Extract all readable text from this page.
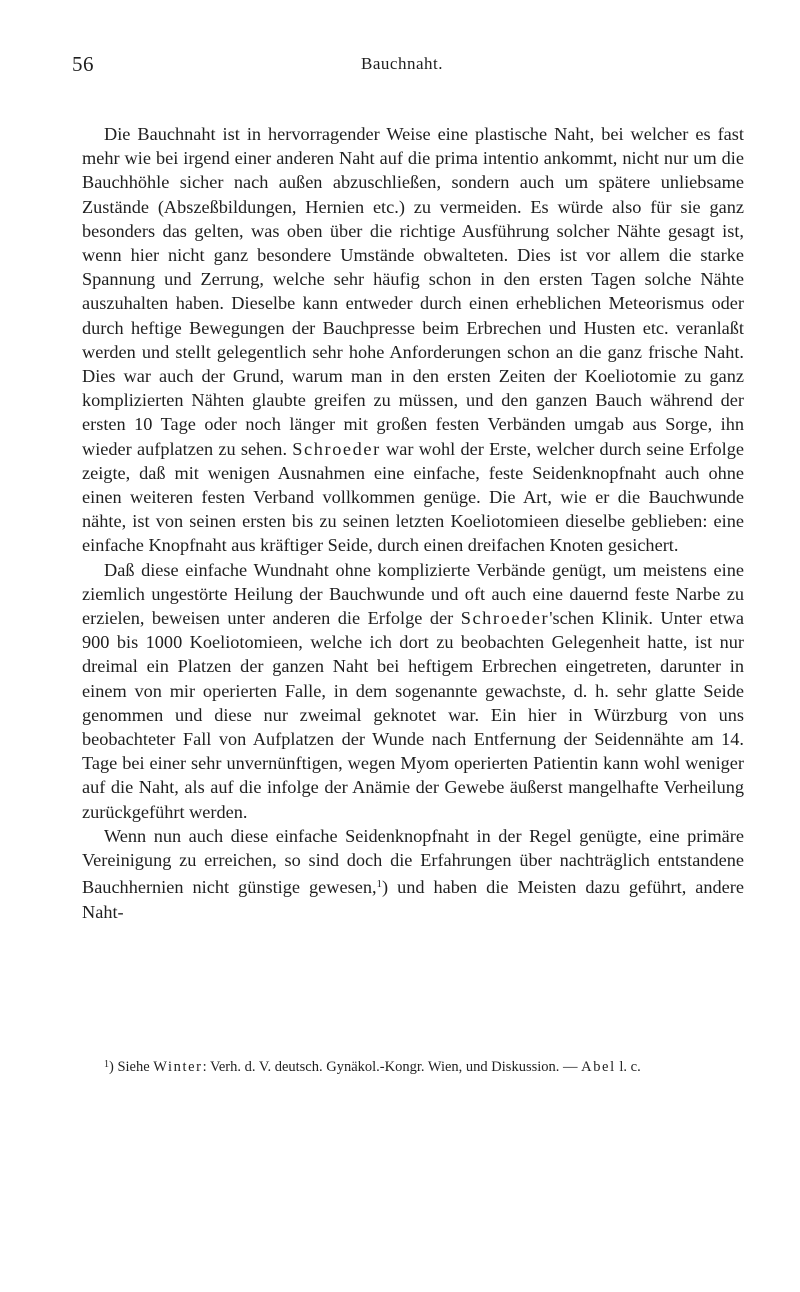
56	Bauchnaht.

Die Bauchnaht ist in hervorragender Weise eine plastische Naht, bei welcher es fast mehr wie bei irgend einer anderen Naht auf die prima intentio ankommt, nicht nur um die Bauchhöhle sicher nach außen abzuschließen, sondern auch um spätere unliebsame Zustände (Abszeßbildungen, Hernien etc.) zu vermeiden. Es würde also für sie ganz besonders das gelten, was oben über die richtige Ausführung solcher Nähte gesagt ist, wenn hier nicht ganz besondere Umstände obwalteten. Dies ist vor allem die starke Spannung und Zerrung, welche sehr häufig schon in den ersten Tagen solche Nähte auszuhalten haben. Dieselbe kann entweder durch einen erheblichen Meteorismus oder durch heftige Bewegungen der Bauchpresse beim Erbrechen und Husten etc. veranlaßt werden und stellt gelegentlich sehr hohe Anforderungen schon an die ganz frische Naht. Dies war auch der Grund, warum man in den ersten Zeiten der Koeliotomie zu ganz komplizierten Nähten glaubte greifen zu müssen, und den ganzen Bauch während der ersten 10 Tage oder noch länger mit großen festen Verbänden umgab aus Sorge, ihn wieder aufplatzen zu sehen. Schroeder war wohl der Erste, welcher durch seine Erfolge zeigte, daß mit wenigen Ausnahmen eine einfache, feste Seidenknopfnaht auch ohne einen weiteren festen Verband vollkommen genüge. Die Art, wie er die Bauchwunde nähte, ist von seinen ersten bis zu seinen letzten Koeliotomieen dieselbe geblieben: eine einfache Knopfnaht aus kräftiger Seide, durch einen dreifachen Knoten gesichert.

Daß diese einfache Wundnaht ohne komplizierte Verbände genügt, um meistens eine ziemlich ungestörte Heilung der Bauchwunde und oft auch eine dauernd feste Narbe zu erzielen, beweisen unter anderen die Erfolge der Schroeder'schen Klinik. Unter etwa 900 bis 1000 Koeliotomieen, welche ich dort zu beobachten Gelegenheit hatte, ist nur dreimal ein Platzen der ganzen Naht bei heftigem Erbrechen eingetreten, darunter in einem von mir operierten Falle, in dem sogenannte gewachste, d. h. sehr glatte Seide genommen und diese nur zweimal geknotet war. Ein hier in Würzburg von uns beobachteter Fall von Aufplatzen der Wunde nach Entfernung der Seidennähte am 14. Tage bei einer sehr unvernünftigen, wegen Myom operierten Patientin kann wohl weniger auf die Naht, als auf die infolge der Anämie der Gewebe äußerst mangelhafte Verheilung zurückgeführt werden.

Wenn nun auch diese einfache Seidenknopfnaht in der Regel genügte, eine primäre Vereinigung zu erreichen, so sind doch die Erfahrungen über nachträglich entstandene Bauchhernien nicht günstige gewesen,$^1$) und haben die Meisten dazu geführt, andere Naht-

$^1$) Siehe Winter: Verh. d. V. deutsch. Gynäkol.-Kongr. Wien, und Diskussion. — Abel l. c.
